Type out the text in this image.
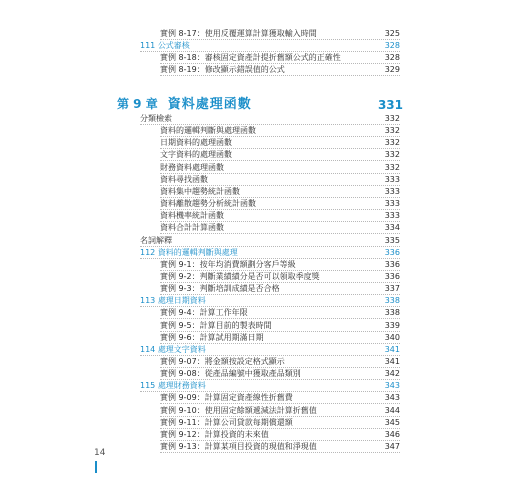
實例 8-17：使用反覆運算計算獲取輸入時間	325
111 公式審核	328
實例 8-18：審核固定資產計提折舊額公式的正確性	328
實例 8-19：修改顯示錯誤值的公式	329
第 9 章 資料處理函數	331
分類檢索	332
資料的邏輯判斷與處理函數	332
日期資料的處理函數	332
文字資料的處理函數	332
財務資料處理函數	332
資料尋找函數	333
資料集中趨勢統計函數	333
資料離散趨勢分析統計函數	333
資料機率統計函數	333
資料合計計算函數	334
名詞解釋	335
112 資料的邏輯判斷與處理	336
實例 9-1：按年均消費額劃分客戶等級	336
實例 9-2：判斷業績績分是否可以領取季度獎	336
實例 9-3：判斷培訓成績是否合格	337
113 處理日期資料	338
實例 9-4：計算工作年限	338
實例 9-5：計算目前的製表時間	339
實例 9-6：計算試用期滿日期	340
114 處理文字資料	341
實例 9-07：將金額按設定格式顯示	341
實例 9-08：從產品編號中獲取產品類別	342
115 處理財務資料	343
實例 9-09：計算固定資產線性折舊費	343
實例 9-10：使用固定餘額遞減法計算折舊值	344
實例 9-11：計算公司貸款每期償還額	345
實例 9-12：計算投資的未來值	346
實例 9-13：計算某項目投資的現值和淨現值	347
14
